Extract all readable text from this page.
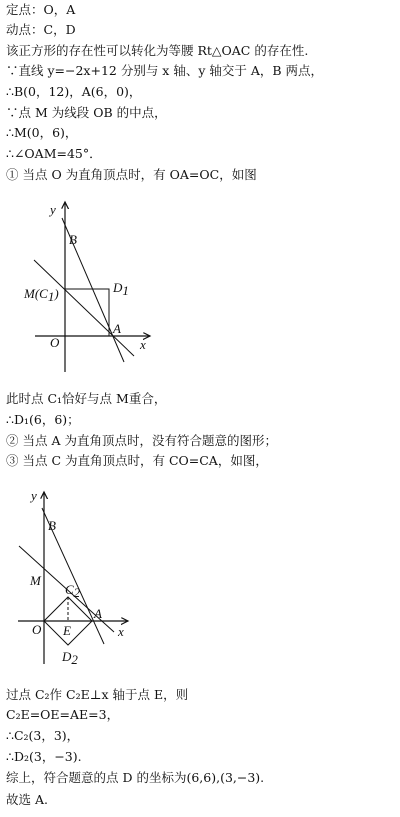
定点：O，A
动点：C，D
该正方形的存在性可以转化为等腰 Rt△OAC 的存在性.
∵直线 y=−2x+12 分别与 x 轴、y 轴交于 A，B 两点，
∴B(0，12)，A(6，0)，
∵点 M 为线段 OB 的中点，
∴M(0，6)，
∴∠OAM=45°．
① 当点 O 为直角顶点时，有 OA=OC，如图
y
x
O
B
A
M(C1)	D1
此时点 C₁恰好与点 M重合，
∴D₁(6，6)；
② 当点 A 为直角顶点时，没有符合题意的图形；
③ 当点 C 为直角顶点时，有 CO=CA，如图，
y
x
O
B
M
C2
E
A
D2
过点 C₂作 C₂E⊥x 轴于点 E，则
C₂E=OE=AE=3，
∴C₂(3，3)，
∴D₂(3，−3).
综上，符合题意的点 D 的坐标为(6,6),(3,−3).
故选 A.
